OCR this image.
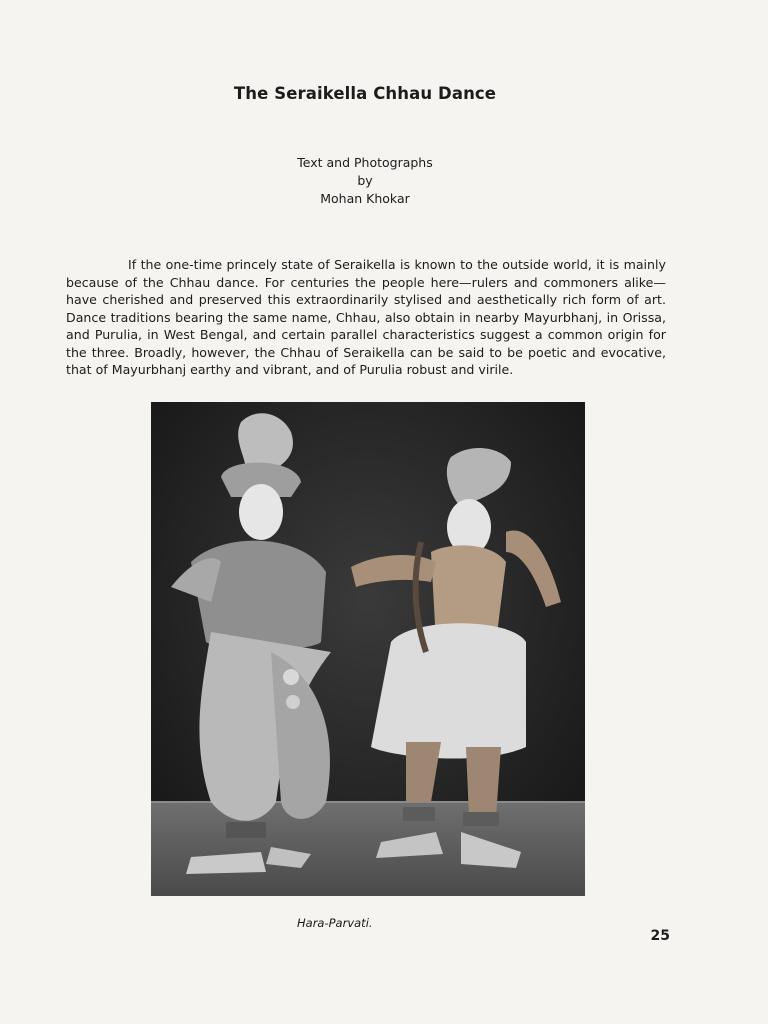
The Seraikella Chhau Dance
Text and Photographs
by
Mohan Khokar

If the one-time princely state of Seraikella is known to the outside world, it is mainly because of the Chhau dance. For centuries the people here—rulers and commoners alike—have cherished and preserved this extraordinarily stylised and aesthetically rich form of art. Dance traditions bearing the same name, Chhau, also obtain in nearby Mayurbhanj, in Orissa, and Purulia, in West Bengal, and certain parallel characteristics suggest a common origin for the three. Broadly, however, the Chhau of Seraikella can be said to be poetic and evocative, that of Mayurbhanj earthy and vibrant, and of Purulia robust and virile.

Hara-Parvati.
25
